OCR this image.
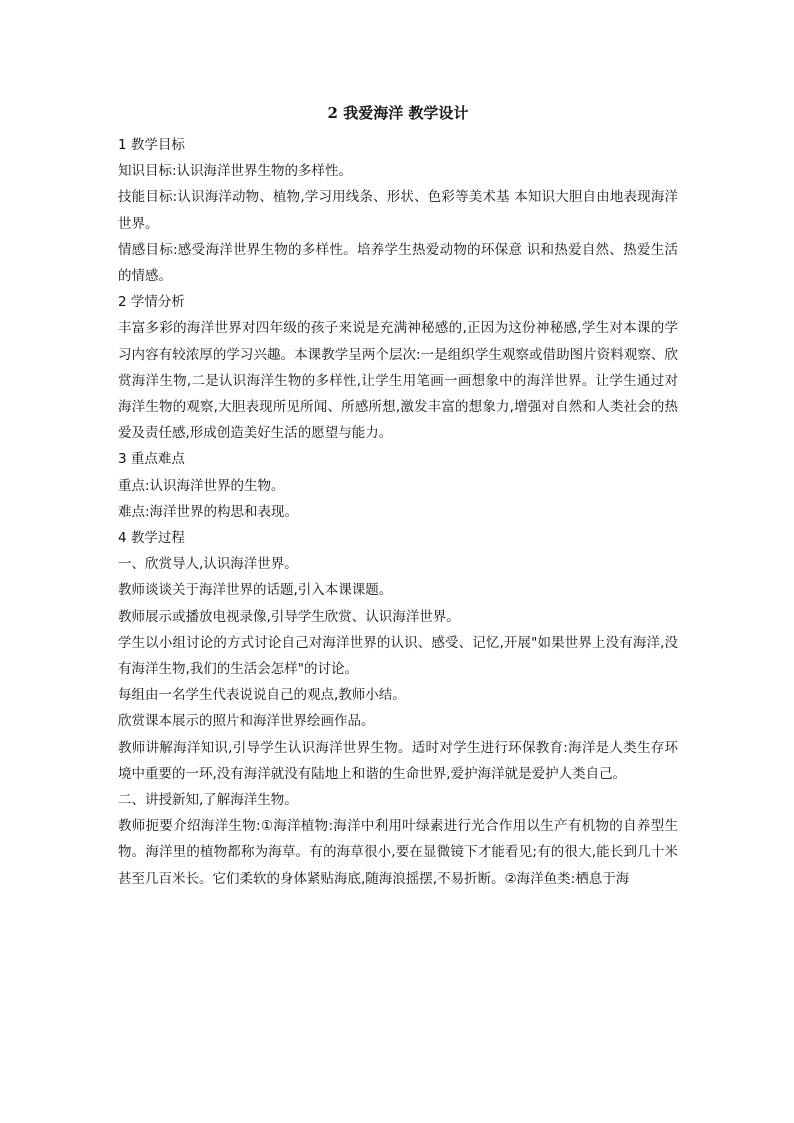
2 我爱海洋 教学设计
1 教学目标
知识目标:认识海洋世界生物的多样性。
技能目标:认识海洋动物、植物,学习用线条、形状、色彩等美术基 本知识大胆自由地表现海洋世界。
情感目标:感受海洋世界生物的多样性。培养学生热爱动物的环保意 识和热爱自然、热爱生活的情感。
2 学情分析
丰富多彩的海洋世界对四年级的孩子来说是充满神秘感的,正因为这份神秘感,学生对本课的学习内容有较浓厚的学习兴趣。本课教学呈两个层次:一是组织学生观察或借助图片资料观察、欣赏海洋生物,二是认识海洋生物的多样性,让学生用笔画一画想象中的海洋世界。让学生通过对海洋生物的观察,大胆表现所见所闻、所感所想,激发丰富的想象力,增强对自然和人类社会的热爱及责任感,形成创造美好生活的愿望与能力。
3 重点难点
重点:认识海洋世界的生物。
难点:海洋世界的构思和表现。
4 教学过程
一、欣赏导人,认识海洋世界。
教师谈谈关于海洋世界的话题,引入本课课题。
教师展示或播放电视录像,引导学生欣赏、认识海洋世界。
学生以小组讨论的方式讨论自己对海洋世界的认识、感受、记忆,开展"如果世界上没有海洋,没有海洋生物,我们的生活会怎样"的讨论。
每组由一名学生代表说说自己的观点,教师小结。
欣赏课本展示的照片和海洋世界绘画作品。
教师讲解海洋知识,引导学生认识海洋世界生物。适时对学生进行环保教育:海洋是人类生存环境中重要的一环,没有海洋就没有陆地上和谐的生命世界,爱护海洋就是爱护人类自己。
二、讲授新知,了解海洋生物。
教师扼要介绍海洋生物:①海洋植物:海洋中利用叶绿素进行光合作用以生产有机物的自养型生物。海洋里的植物都称为海草。有的海草很小,要在显微镜下才能看见;有的很大,能长到几十米甚至几百米长。它们柔软的身体紧贴海底,随海浪摇摆,不易折断。②海洋鱼类:栖息于海
